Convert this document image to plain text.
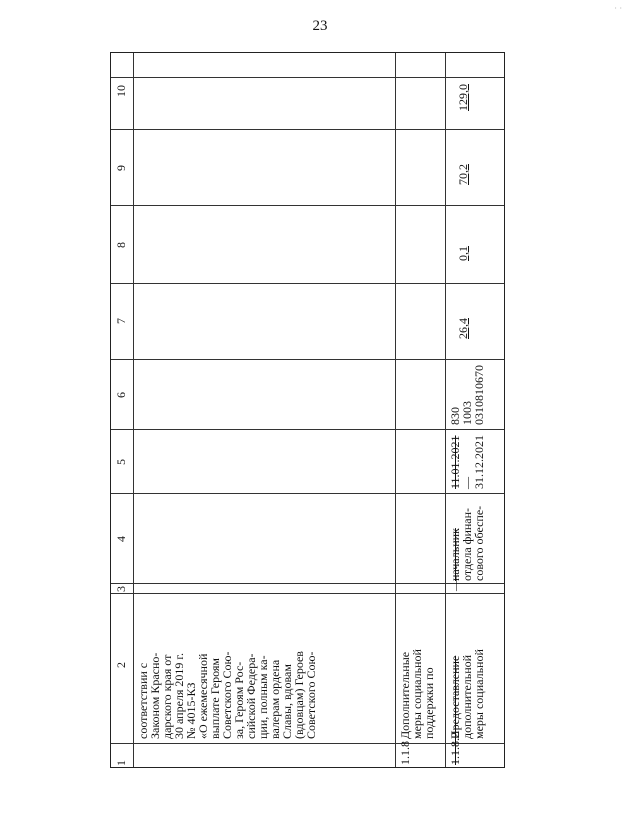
23
· ·
1
2
3
4
5
6
7
8
9
10
соответствии с
Законом Красно-
дарского края от
30 апреля 2019 г.
№ 4015-КЗ
«О ежемесячной
выплате Героям
Советского Сою-
за, Героям Рос-
сийской Федера-
ции, полным ка-
валерам ордена
Славы, вдовам
(вдовцам) Героев
Советского Сою-
1.1.8
Дополнительные
меры социальной
поддержки по
1.1.8.2
Предоставление
дополнительной
меры социальной
—
начальник
отдела финан-
сового обеспе-
11.01.2021
—
31.12.2021
830
1003
0310810670
26,4
0,1
70,2
129,0
